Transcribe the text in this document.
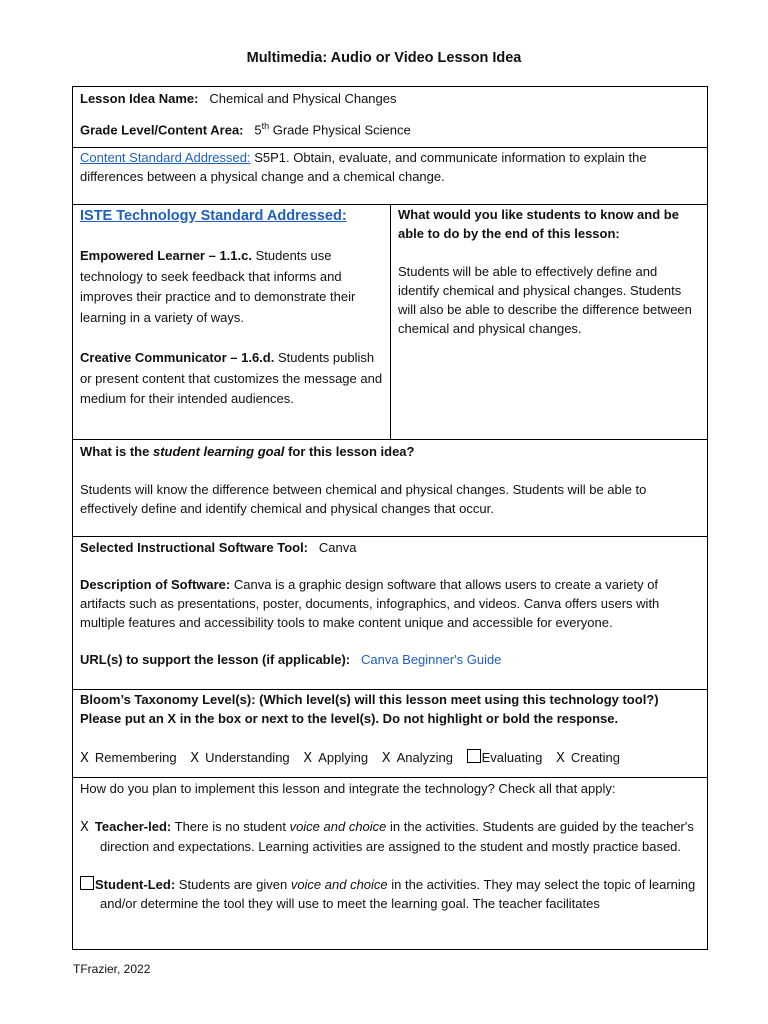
Multimedia: Audio or Video Lesson Idea
Lesson Idea Name: Chemical and Physical Changes
Grade Level/Content Area: 5th Grade Physical Science
Content Standard Addressed: S5P1. Obtain, evaluate, and communicate information to explain the differences between a physical change and a chemical change.
ISTE Technology Standard Addressed:
Empowered Learner – 1.1.c. Students use technology to seek feedback that informs and improves their practice and to demonstrate their learning in a variety of ways.
Creative Communicator – 1.6.d. Students publish or present content that customizes the message and medium for their intended audiences.
What would you like students to know and be able to do by the end of this lesson:
Students will be able to effectively define and identify chemical and physical changes. Students will also be able to describe the difference between chemical and physical changes.
What is the student learning goal for this lesson idea?
Students will know the difference between chemical and physical changes. Students will be able to effectively define and identify chemical and physical changes that occur.
Selected Instructional Software Tool: Canva
Description of Software: Canva is a graphic design software that allows users to create a variety of artifacts such as presentations, poster, documents, infographics, and videos. Canva offers users with multiple features and accessibility tools to make content unique and accessible for everyone.
URL(s) to support the lesson (if applicable): Canva Beginner's Guide
Bloom’s Taxonomy Level(s): (Which level(s) will this lesson meet using this technology tool?)
Please put an X in the box or next to the level(s). Do not highlight or bold the response.
X Remembering X Understanding X Applying X Analyzing Evaluating X Creating
How do you plan to implement this lesson and integrate the technology? Check all that apply:
X Teacher-led: There is no student voice and choice in the activities. Students are guided by the teacher's direction and expectations. Learning activities are assigned to the student and mostly practice based.
Student-Led: Students are given voice and choice in the activities. They may select the topic of learning and/or determine the tool they will use to meet the learning goal. The teacher facilitates
TFrazier, 2022
